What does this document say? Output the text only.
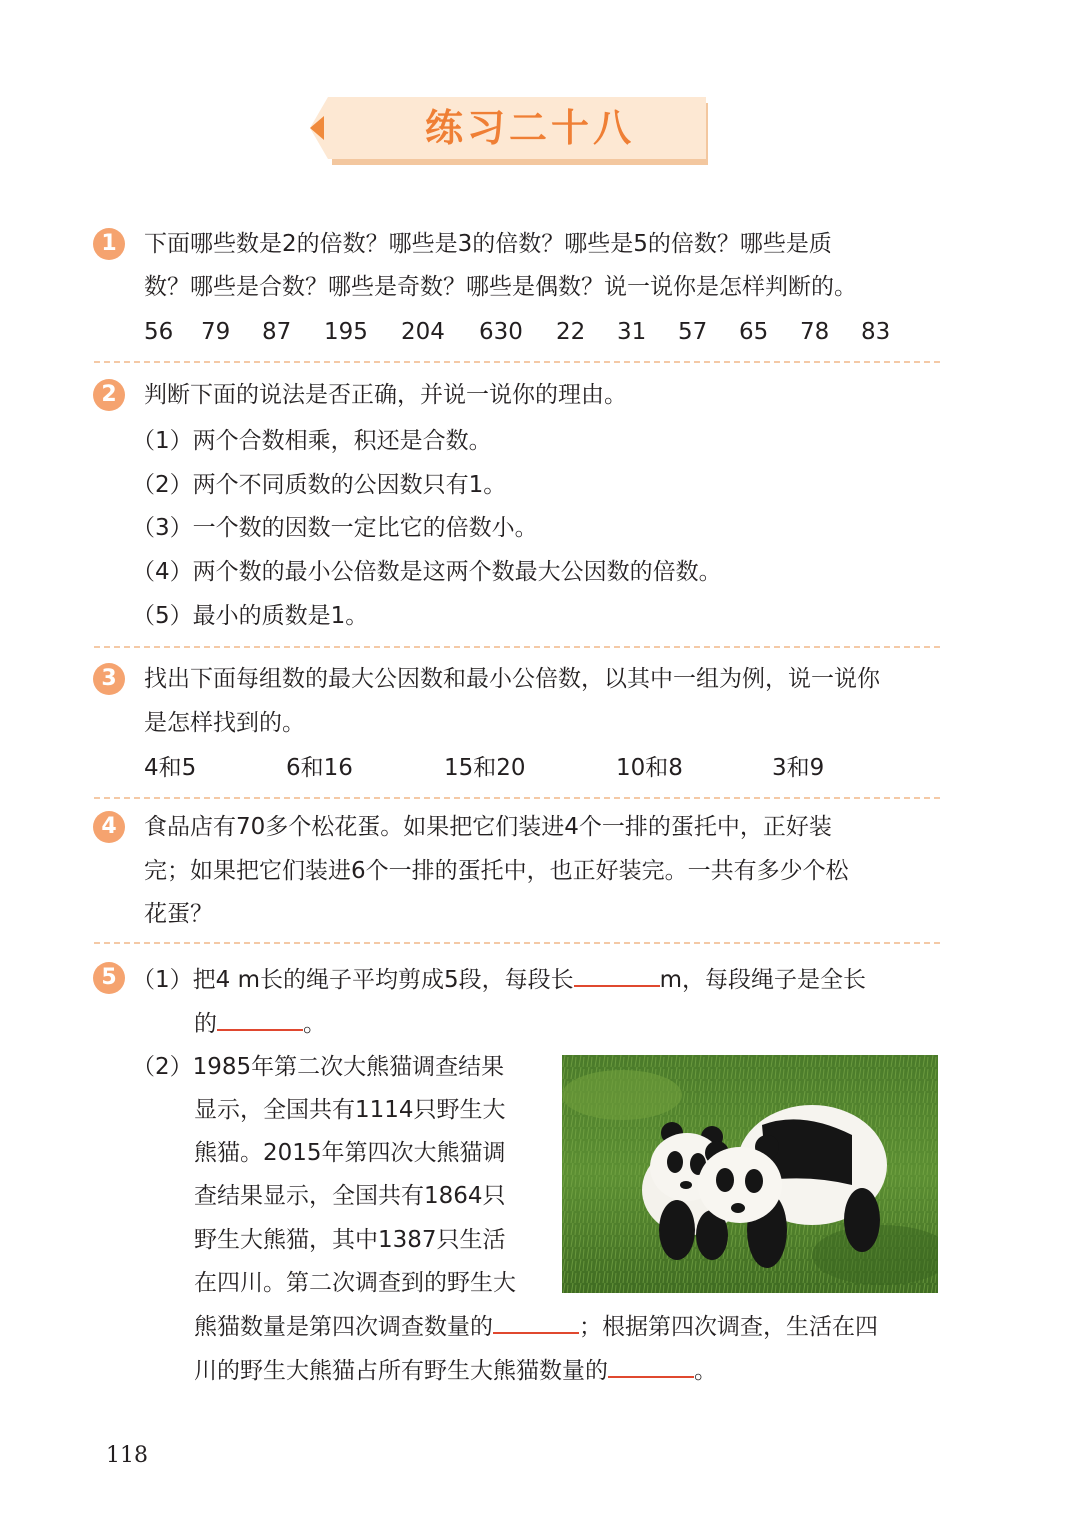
练习二十八
1	下面哪些数是2的倍数？哪些是3的倍数？哪些是5的倍数？哪些是质
数？哪些是合数？哪些是奇数？哪些是偶数？说一说你是怎样判断的。
56 79 87 195 204 630 22 31 57 65 78 83
2	判断下面的说法是否正确，并说一说你的理由。
（1）两个合数相乘，积还是合数。
（2）两个不同质数的公因数只有1。
（3）一个数的因数一定比它的倍数小。
（4）两个数的最小公倍数是这两个数最大公因数的倍数。
（5）最小的质数是1。
3	找出下面每组数的最大公因数和最小公倍数，以其中一组为例，说一说你
是怎样找到的。
4和5	6和16	15和20	10和8	3和9
4	食品店有70多个松花蛋。如果把它们装进4个一排的蛋托中，正好装
完；如果把它们装进6个一排的蛋托中，也正好装完。一共有多少个松
花蛋？
5 （1）把4 m长的绳子平均剪成5段，每段长	m，每段绳子是全长
的	。
（2）1985年第二次大熊猫调查结果
显示，全国共有1114只野生大
熊猫。2015年第四次大熊猫调
查结果显示，全国共有1864只
野生大熊猫，其中1387只生活
在四川。第二次调查到的野生大
熊猫数量是第四次调查数量的	；根据第四次调查，生活在四
川的野生大熊猫占所有野生大熊猫数量的	。
118
